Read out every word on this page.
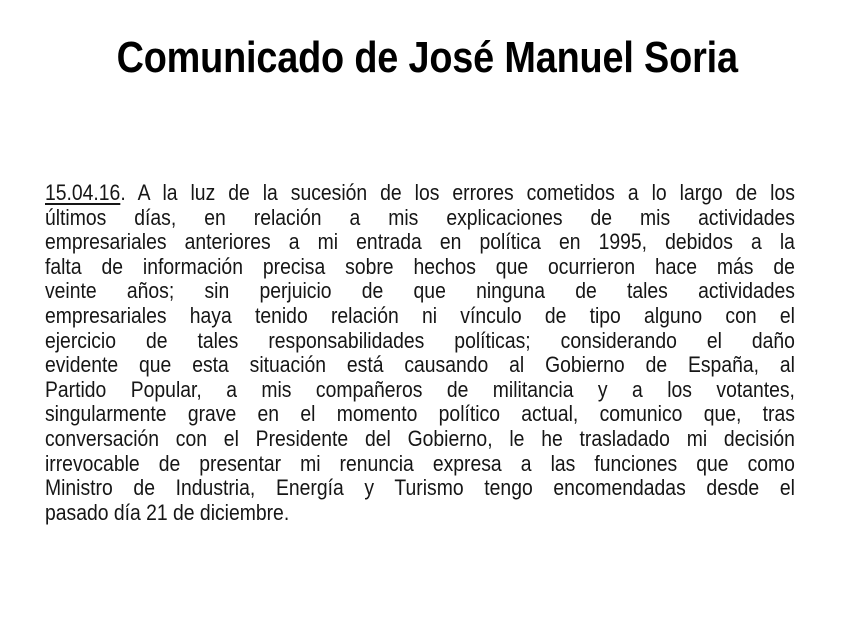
Comunicado de José Manuel Soria
15.04.16. A la luz de la sucesión de los errores cometidos a lo largo de los
últimos días, en relación a mis explicaciones de mis actividades
empresariales anteriores a mi entrada en política en 1995, debidos a la
falta de información precisa sobre hechos que ocurrieron hace más de
veinte años; sin perjuicio de que ninguna de tales actividades
empresariales haya tenido relación ni vínculo de tipo alguno con el
ejercicio de tales responsabilidades políticas; considerando el daño
evidente que esta situación está causando al Gobierno de España, al
Partido Popular, a mis compañeros de militancia y a los votantes,
singularmente grave en el momento político actual, comunico que, tras
conversación con el Presidente del Gobierno, le he trasladado mi decisión
irrevocable de presentar mi renuncia expresa a las funciones que como
Ministro de Industria, Energía y Turismo tengo encomendadas desde el
pasado día 21 de diciembre.
